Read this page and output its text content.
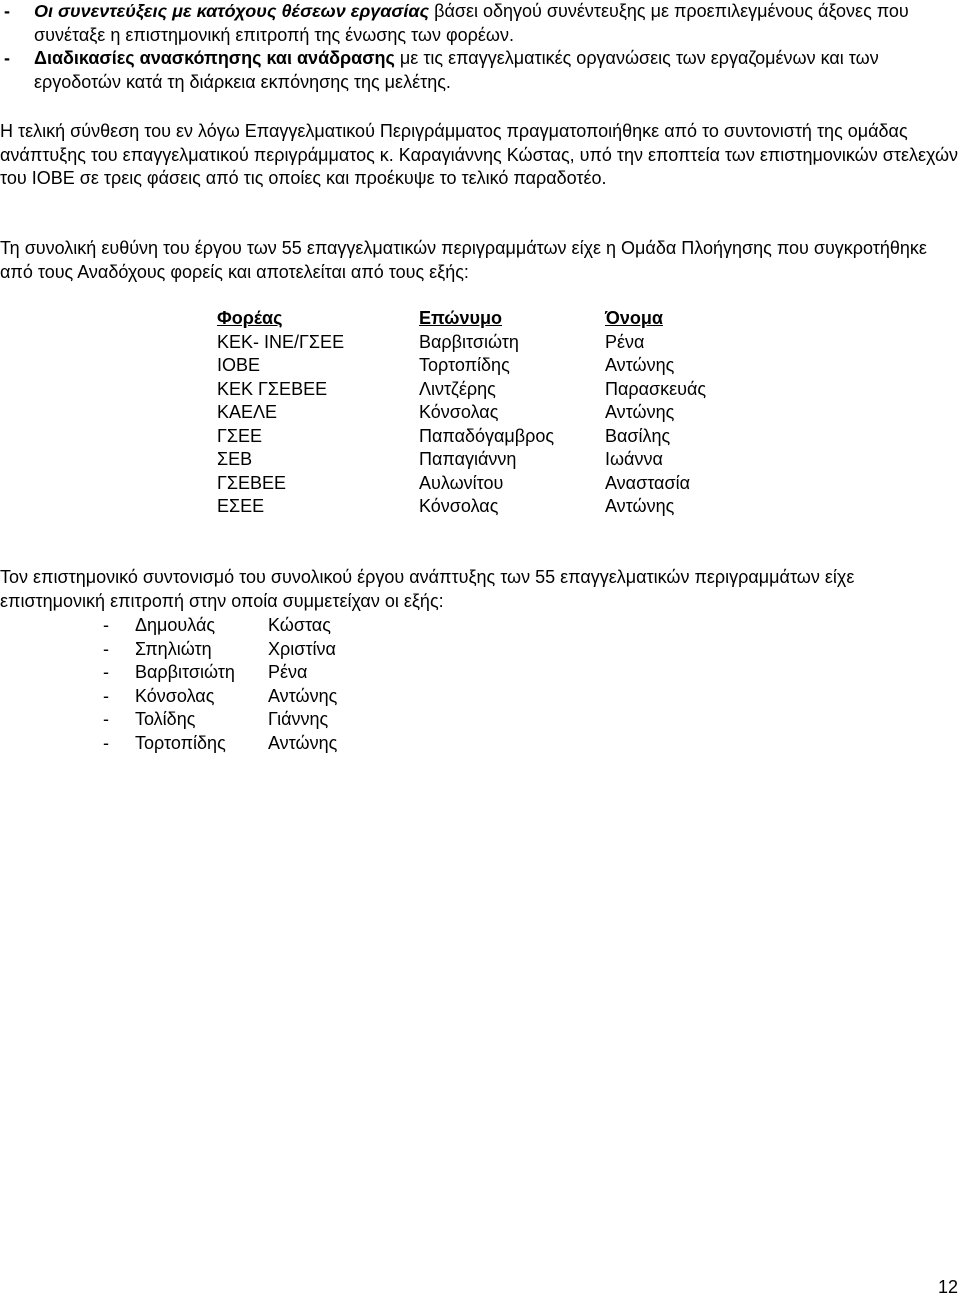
- Οι συνεντεύξεις με κατόχους θέσεων εργασίας βάσει οδηγού συνέντευξης με προεπιλεγμένους άξονες που συνέταξε η επιστημονική επιτροπή της ένωσης των φορέων.
- Διαδικασίες ανασκόπησης και ανάδρασης με τις επαγγελματικές οργανώσεις των εργαζομένων και των εργοδοτών κατά τη διάρκεια εκπόνησης της μελέτης.
Η τελική σύνθεση του εν λόγω Επαγγελματικού Περιγράμματος πραγματοποιήθηκε από το συντονιστή της ομάδας ανάπτυξης του επαγγελματικού περιγράμματος κ. Καραγιάννης Κώστας, υπό την εποπτεία των επιστημονικών στελεχών του ΙΟΒΕ σε τρεις φάσεις από τις οποίες και προέκυψε το τελικό παραδοτέο.
Τη συνολική ευθύνη του έργου των 55 επαγγελματικών περιγραμμάτων είχε η Ομάδα Πλοήγησης που συγκροτήθηκε από τους Αναδόχους φορείς και αποτελείται από τους εξής:
Φορέας	Επώνυμο	Όνομα
ΚΕΚ- ΙΝΕ/ΓΣΕΕ	Βαρβιτσιώτη	Ρένα
ΙΟΒΕ	Τορτοπίδης	Αντώνης
ΚΕΚ ΓΣΕΒΕΕ	Λιντζέρης	Παρασκευάς
ΚΑΕΛΕ	Κόνσολας	Αντώνης
ΓΣΕΕ	Παπαδόγαμβρος	Βασίλης
ΣΕΒ	Παπαγιάννη	Ιωάννα
ΓΣΕΒΕΕ	Αυλωνίτου	Αναστασία
ΕΣΕΕ	Κόνσολας	Αντώνης
Τον επιστημονικό συντονισμό του συνολικού έργου ανάπτυξης των 55 επαγγελματικών περιγραμμάτων είχε επιστημονική επιτροπή στην οποία συμμετείχαν οι εξής:
- Δημουλάς	Κώστας
- Σπηλιώτη	Χριστίνα
- Βαρβιτσιώτη Ρένα
- Κόνσολας	Αντώνης
- Τολίδης	Γιάννης
- Τορτοπίδης Αντώνης
12
